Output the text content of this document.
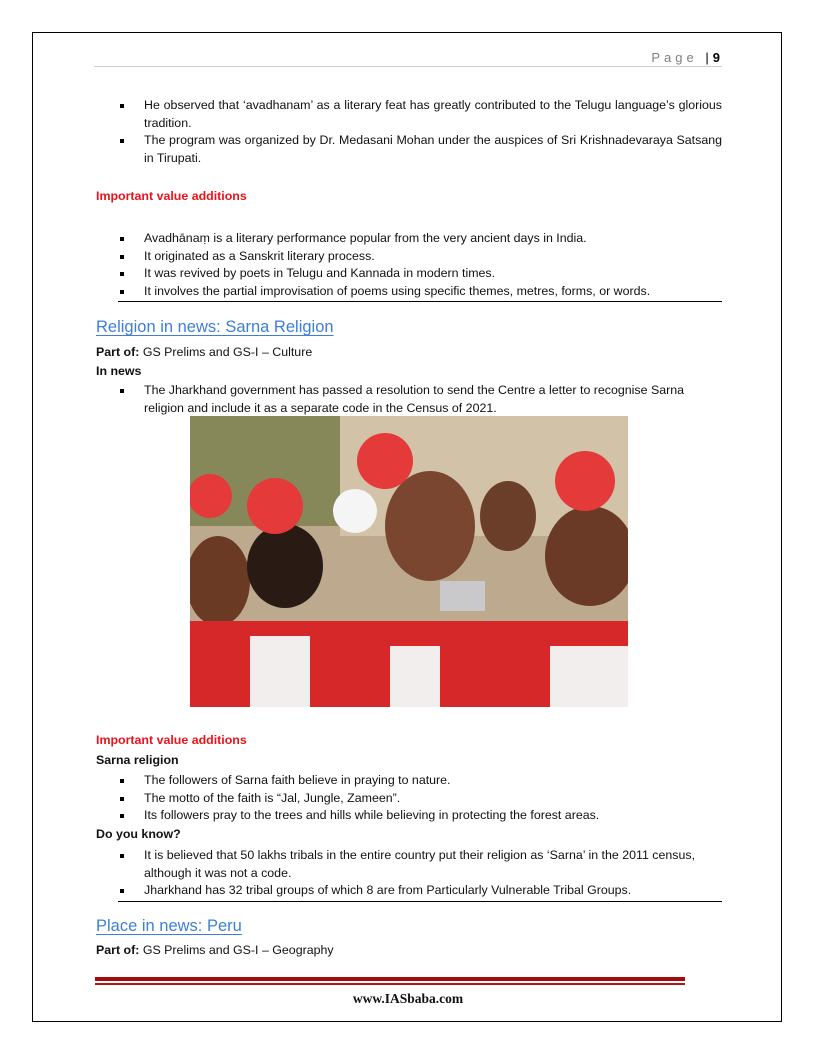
Page | 9
He observed that ‘avadhanam’ as a literary feat has greatly contributed to the Telugu language’s glorious tradition.
The program was organized by Dr. Medasani Mohan under the auspices of Sri Krishnadevaraya Satsang in Tirupati.
Important value additions
Avadhānaṃ is a literary performance popular from the very ancient days in India.
It originated as a Sanskrit literary process.
It was revived by poets in Telugu and Kannada in modern times.
It involves the partial improvisation of poems using specific themes, metres, forms, or words.
Religion in news: Sarna Religion
Part of: GS Prelims and GS-I – Culture
In news
The Jharkhand government has passed a resolution to send the Centre a letter to recognise Sarna religion and include it as a separate code in the Census of 2021.
Important value additions
Sarna religion
The followers of Sarna faith believe in praying to nature.
The motto of the faith is “Jal, Jungle, Zameen”.
Its followers pray to the trees and hills while believing in protecting the forest areas.
Do you know?
It is believed that 50 lakhs tribals in the entire country put their religion as ‘Sarna’ in the 2011 census, although it was not a code.
Jharkhand has 32 tribal groups of which 8 are from Particularly Vulnerable Tribal Groups.
Place in news: Peru
Part of: GS Prelims and GS-I – Geography
www.IASbaba.com
